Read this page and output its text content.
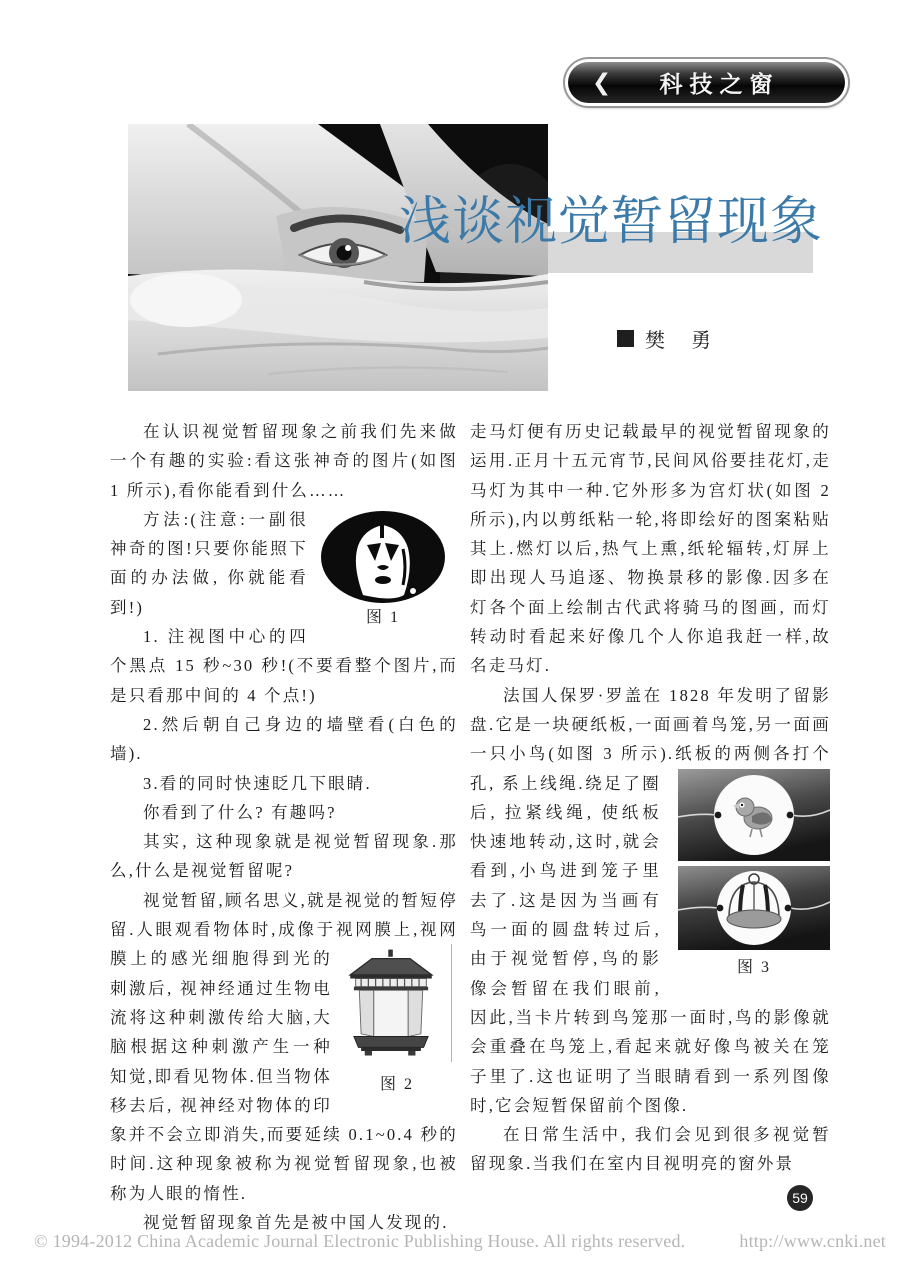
❮ 科技之窗
浅谈视觉暂留现象
樊　勇

在认识视觉暂留现象之前我们先来做一个有趣的实验:看这张神奇的图片(如图 1 所示),看你能看到什么……

图 1
方法:(注意:一副很神奇的图!只要你能照下面的办法做, 你就能看到!)

1. 注视图中心的四个黑点 15 秒~30 秒!(不要看整个图片,而是只看那中间的 4 个点!)

2.然后朝自己身边的墙壁看(白色的墙).

3.看的同时快速眨几下眼睛.

你看到了什么? 有趣吗?

其实, 这种现象就是视觉暂留现象.那么,什么是视觉暂留呢?

视觉暂留,顾名思义,就是视觉的暂短停留.人眼观看物体时,成像于视网膜上,视
图 2
网膜上的感光细胞得到光的刺激后, 视神经通过生物电流将这种刺激传给大脑,大脑根据这种刺激产生一种知觉,即看见物体.但当物体移去后, 视神经对物体的印象并不会立即消失,而要延续 0.1~0.4 秒的时间.这种现象被称为视觉暂留现象,也被称为人眼的惰性.

视觉暂留现象首先是被中国人发现的.

走马灯便有历史记载最早的视觉暂留现象的运用.正月十五元宵节,民间风俗要挂花灯,走马灯为其中一种.它外形多为宫灯状(如图 2 所示),内以剪纸粘一轮,将即绘好的图案粘贴其上.燃灯以后,热气上熏,纸轮辐转,灯屏上即出现人马追逐、物换景移的影像.因多在灯各个面上绘制古代武将骑马的图画, 而灯转动时看起来好像几个人你追我赶一样,故名走马灯.

法国人保罗·罗盖在 1828 年发明了留影盘.它是一块硬纸板,一面画着鸟笼,另一面画一只小鸟(如图 3 所示).纸板的两侧各
图 3
打个孔, 系上线绳.绕足了圈后, 拉紧线绳, 使纸板快速地转动,这时,就会看到,小鸟进到笼子里去了.这是因为当画有鸟一面的圆盘转过后,由于视觉暂停,鸟的影像会暂留在我们眼前,因此,当卡片转到鸟笼那一面时,鸟的影像就会重叠在鸟笼上,看起来就好像鸟被关在笼子里了.这也证明了当眼睛看到一系列图像时,它会短暂保留前个图像.

在日常生活中, 我们会见到很多视觉暂留现象.当我们在室内目视明亮的窗外景

59
© 1994-2012 China Academic Journal Electronic Publishing House. All rights reserved.	http://www.cnki.net
